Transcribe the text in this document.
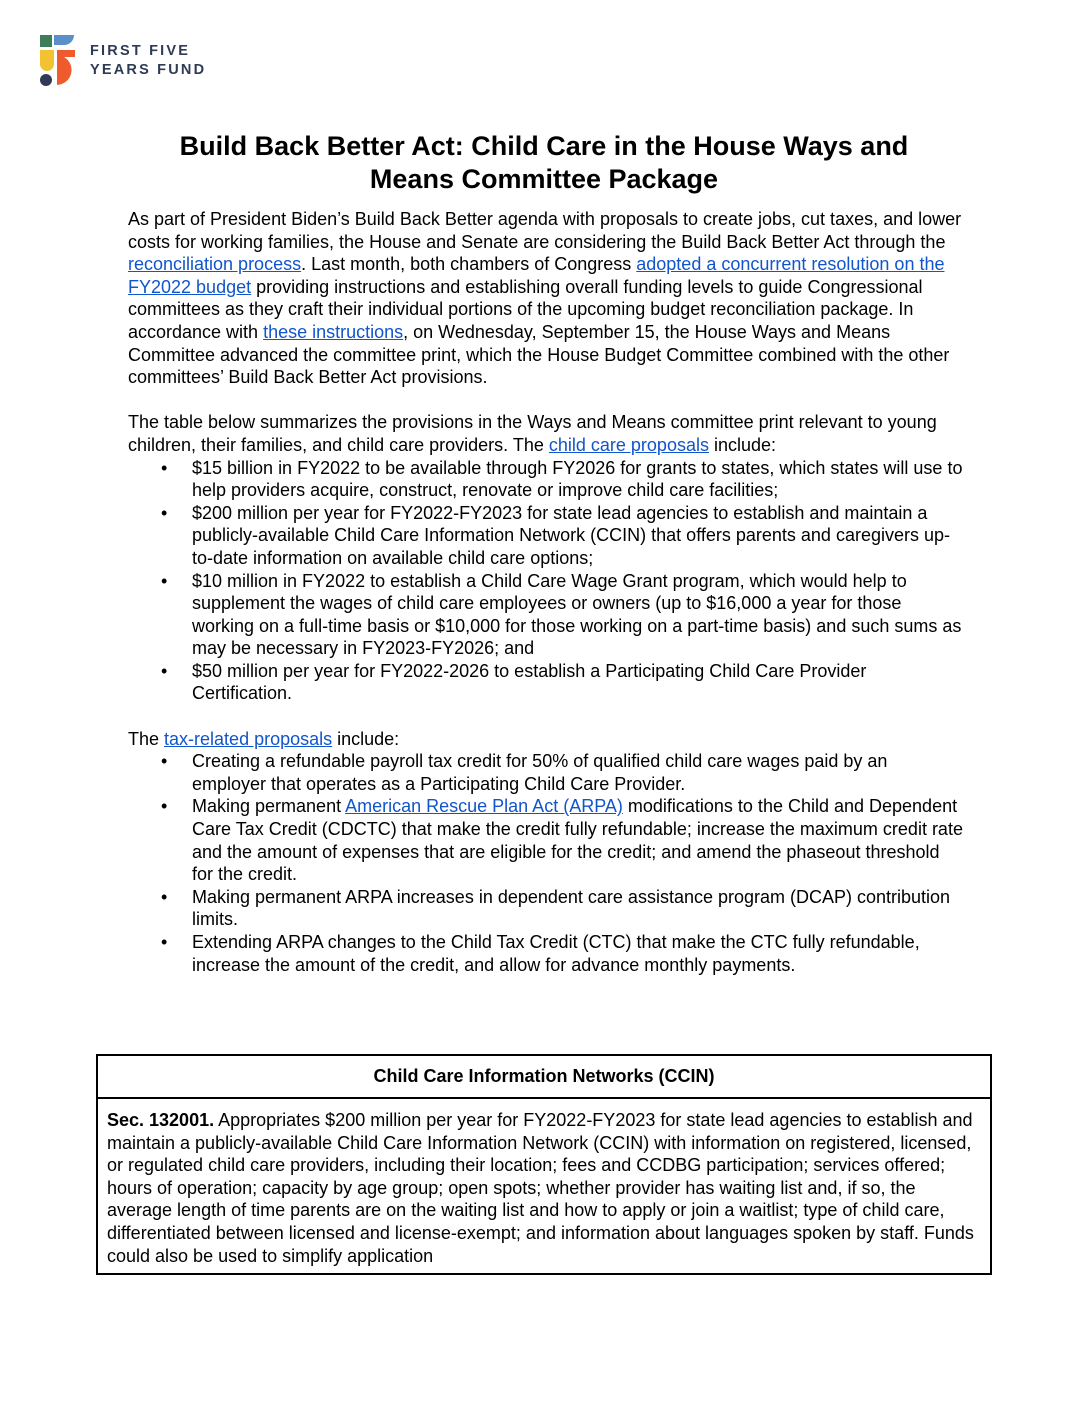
FIRST FIVE
YEARS FUND
Build Back Better Act: Child Care in the House Ways and
Means Committee Package

As part of President Biden’s Build Back Better agenda with proposals to create jobs, cut taxes, and lower costs for working families, the House and Senate are considering the Build Back Better Act through the reconciliation process. Last month, both chambers of Congress adopted a concurrent resolution on the FY2022 budget providing instructions and establishing overall funding levels to guide Congressional committees as they craft their individual portions of the upcoming budget reconciliation package. In accordance with these instructions, on Wednesday, September 15, the House Ways and Means Committee advanced the committee print, which the House Budget Committee combined with the other committees’ Build Back Better Act provisions.

The table below summarizes the provisions in the Ways and Means committee print relevant to young children, their families, and child care providers. The child care proposals include:

• $15 billion in FY2022 to be available through FY2026 for grants to states, which states will use to help providers acquire, construct, renovate or improve child care facilities;
• $200 million per year for FY2022-FY2023 for state lead agencies to establish and maintain a publicly-available Child Care Information Network (CCIN) that offers parents and caregivers up-to-date information on available child care options;
• $10 million in FY2022 to establish a Child Care Wage Grant program, which would help to supplement the wages of child care employees or owners (up to $16,000 a year for those working on a full-time basis or $10,000 for those working on a part-time basis) and such sums as may be necessary in FY2023-FY2026; and
• $50 million per year for FY2022-2026 to establish a Participating Child Care Provider Certification.

The tax-related proposals include:

• Creating a refundable payroll tax credit for 50% of qualified child care wages paid by an employer that operates as a Participating Child Care Provider.
• Making permanent American Rescue Plan Act (ARPA) modifications to the Child and Dependent Care Tax Credit (CDCTC) that make the credit fully refundable; increase the maximum credit rate and the amount of expenses that are eligible for the credit; and amend the phaseout threshold for the credit.
• Making permanent ARPA increases in dependent care assistance program (DCAP) contribution limits.
• Extending ARPA changes to the Child Tax Credit (CTC) that make the CTC fully refundable, increase the amount of the credit, and allow for advance monthly payments.
Child Care Information Networks (CCIN)
Sec. 132001. Appropriates $200 million per year for FY2022-FY2023 for state lead agencies to establish and maintain a publicly-available Child Care Information Network (CCIN) with information on registered, licensed, or regulated child care providers, including their location; fees and CCDBG participation; services offered; hours of operation; capacity by age group; open spots; whether provider has waiting list and, if so, the average length of time parents are on the waiting list and how to apply or join a waitlist; type of child care, differentiated between licensed and license-exempt; and information about languages spoken by staff. Funds could also be used to simplify application
